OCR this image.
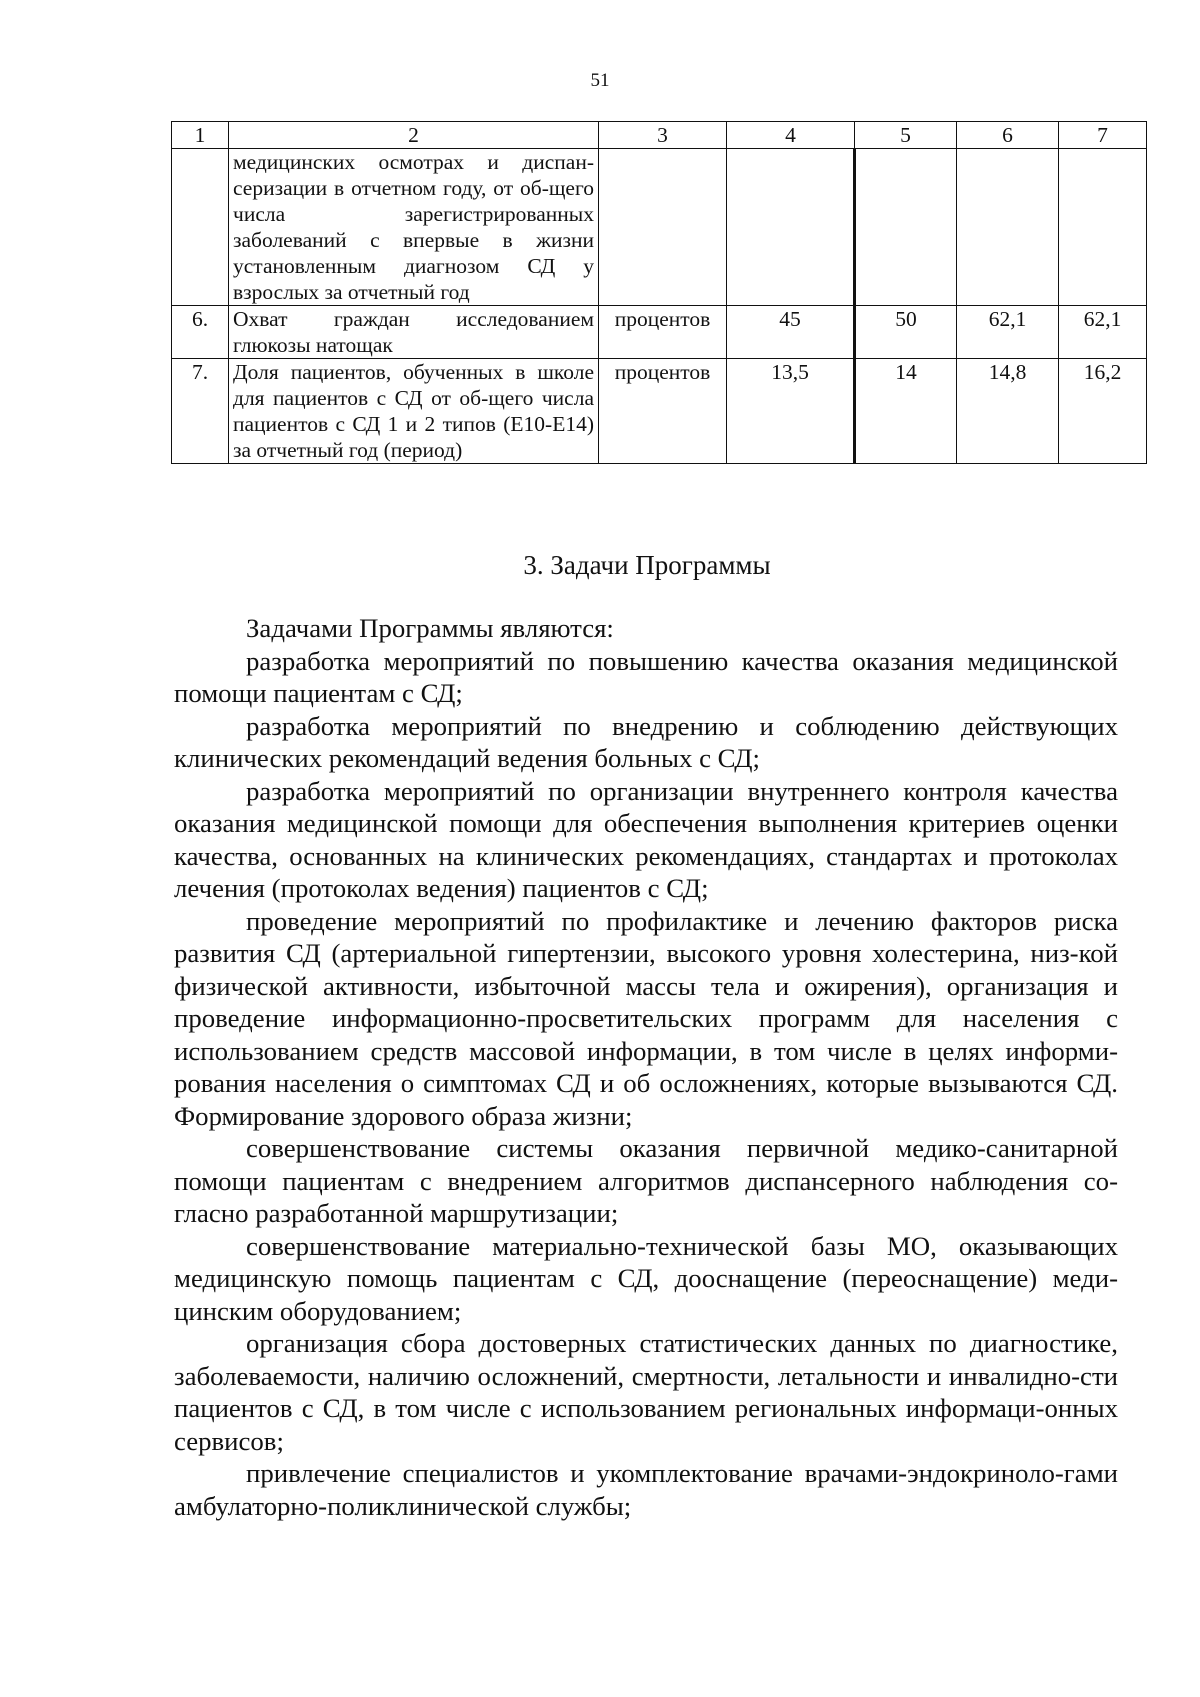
51
1	2	3	4	5	6	7
	медицинских осмотрах и диспан-серизации в отчетном году, от об-щего числа зарегистрированных заболеваний с впервые в жизни установленным диагнозом СД у взрослых за отчетный год					
6.	Охват граждан исследованием глюкозы натощак	процентов	45	50	62,1	62,1
7.	Доля пациентов, обученных в школе для пациентов с СД от об-щего числа пациентов с СД 1 и 2 типов (Е10-Е14) за отчетный год (период)	процентов	13,5	14	14,8	16,2
3. Задачи Программы

Задачами Программы являются:

разработка мероприятий по повышению качества оказания медицинской помощи пациентам с СД;

разработка мероприятий по внедрению и соблюдению действующих клинических рекомендаций ведения больных с СД;

разработка мероприятий по организации внутреннего контроля качества оказания медицинской помощи для обеспечения выполнения критериев оценки качества, основанных на клинических рекомендациях, стандартах и протоколах лечения (протоколах ведения) пациентов с СД;

проведение мероприятий по профилактике и лечению факторов риска развития СД (артериальной гипертензии, высокого уровня холестерина, низ-кой физической активности, избыточной массы тела и ожирения), организация и проведение информационно-просветительских программ для населения с использованием средств массовой информации, в том числе в целях информи-рования населения о симптомах СД и об осложнениях, которые вызываются СД. Формирование здорового образа жизни;

совершенствование системы оказания первичной медико-санитарной помощи пациентам с внедрением алгоритмов диспансерного наблюдения со-гласно разработанной маршрутизации;

совершенствование материально-технической базы МО, оказывающих медицинскую помощь пациентам с СД, дооснащение (переоснащение) меди-цинским оборудованием;

организация сбора достоверных статистических данных по диагностике, заболеваемости, наличию осложнений, смертности, летальности и инвалидно-сти пациентов с СД, в том числе с использованием региональных информаци-онных сервисов;

привлечение специалистов и укомплектование врачами-эндокриноло-гами амбулаторно-поликлинической службы;
